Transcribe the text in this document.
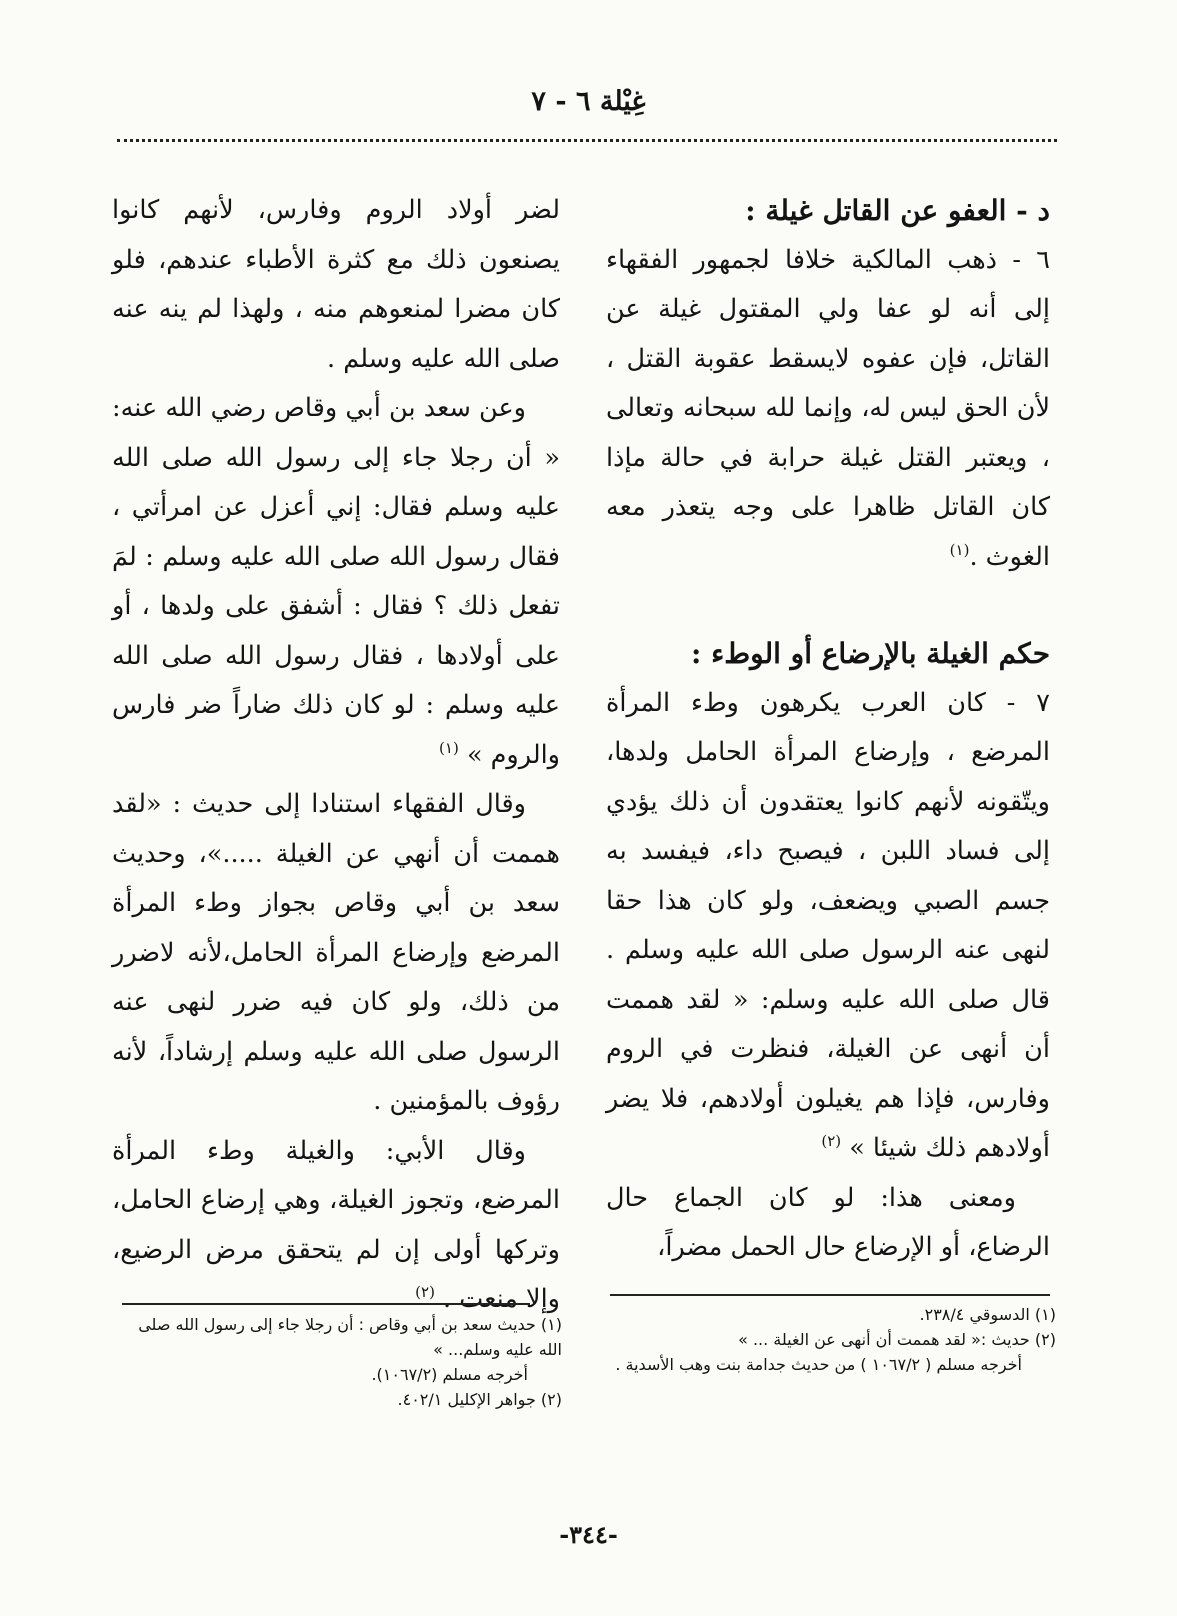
غِيْلة ٦ - ٧

د - العفو عن القاتل غيلة :

٦ - ذهب المالكية خلافا لجمهور الفقهاء إلى أنه لو عفا ولي المقتول غيلة عن القاتل، فإن عفوه لايسقط عقوبة القتل ، لأن الحق ليس له، وإنما لله سبحانه وتعالى ، ويعتبر القتل غيلة حرابة في حالة مإذا كان القاتل ظاهرا على وجه يتعذر معه الغوث .$^{(١)}$

حكم الغيلة بالإرضاع أو الوطء :

٧ - كان العرب يكرهون وطء المرأة المرضع ، وإرضاع المرأة الحامل ولدها، ويتّقونه لأنهم كانوا يعتقدون أن ذلك يؤدي إلى فساد اللبن ، فيصبح داء، فيفسد به جسم الصبي ويضعف، ولو كان هذا حقا لنهى عنه الرسول صلى الله عليه وسلم . قال صلى الله عليه وسلم: « لقد هممت أن أنهى عن الغيلة، فنظرت في الروم وفارس، فإذا هم يغيلون أولادهم، فلا يضر أولادهم ذلك شيئا » $^{(٢)}$

ومعنى هذا: لو كان الجماع حال الرضاع، أو الإرضاع حال الحمل مضراً،

لضر أولاد الروم وفارس، لأنهم كانوا يصنعون ذلك مع كثرة الأطباء عندهم، فلو كان مضرا لمنعوهم منه ، ولهذا لم ينه عنه صلى الله عليه وسلم .

وعن سعد بن أبي وقاص رضي الله عنه: « أن رجلا جاء إلى رسول الله صلى الله عليه وسلم فقال: إني أعزل عن امرأتي ، فقال رسول الله صلى الله عليه وسلم : لمَ تفعل ذلك ؟ فقال : أشفق على ولدها ، أو على أولادها ، فقال رسول الله صلى الله عليه وسلم : لو كان ذلك ضاراً ضر فارس والروم » $^{(١)}$

وقال الفقهاء استنادا إلى حديث : «لقد هممت أن أنهي عن الغيلة .....»، وحديث سعد بن أبي وقاص بجواز وطء المرأة المرضع وإرضاع المرأة الحامل،لأنه لاضرر من ذلك، ولو كان فيه ضرر لنهى عنه الرسول صلى الله عليه وسلم إرشاداً، لأنه رؤوف بالمؤمنين .

وقال الأبي: والغيلة وطء المرأة المرضع، وتجوز الغيلة، وهي إرضاع الحامل، وتركها أولى إن لم يتحقق مرض الرضيع، وإلا منعت . $^{(٢)}$

(١) الدسوقي ٢٣٨/٤.
(٢) حديث :« لقد هممت أن أنهى عن الغيلة ... »
أخرجه مسلم ( ١٠٦٧/٢ ) من حديث جدامة بنت وهب الأسدية .
(١) حديث سعد بن أبي وقاص : أن رجلا جاء إلى رسول الله صلى الله عليه وسلم... »
أخرجه مسلم (١٠٦٧/٢).
(٢) جواهر الإكليل ٤٠٢/١.
-٣٤٤-
